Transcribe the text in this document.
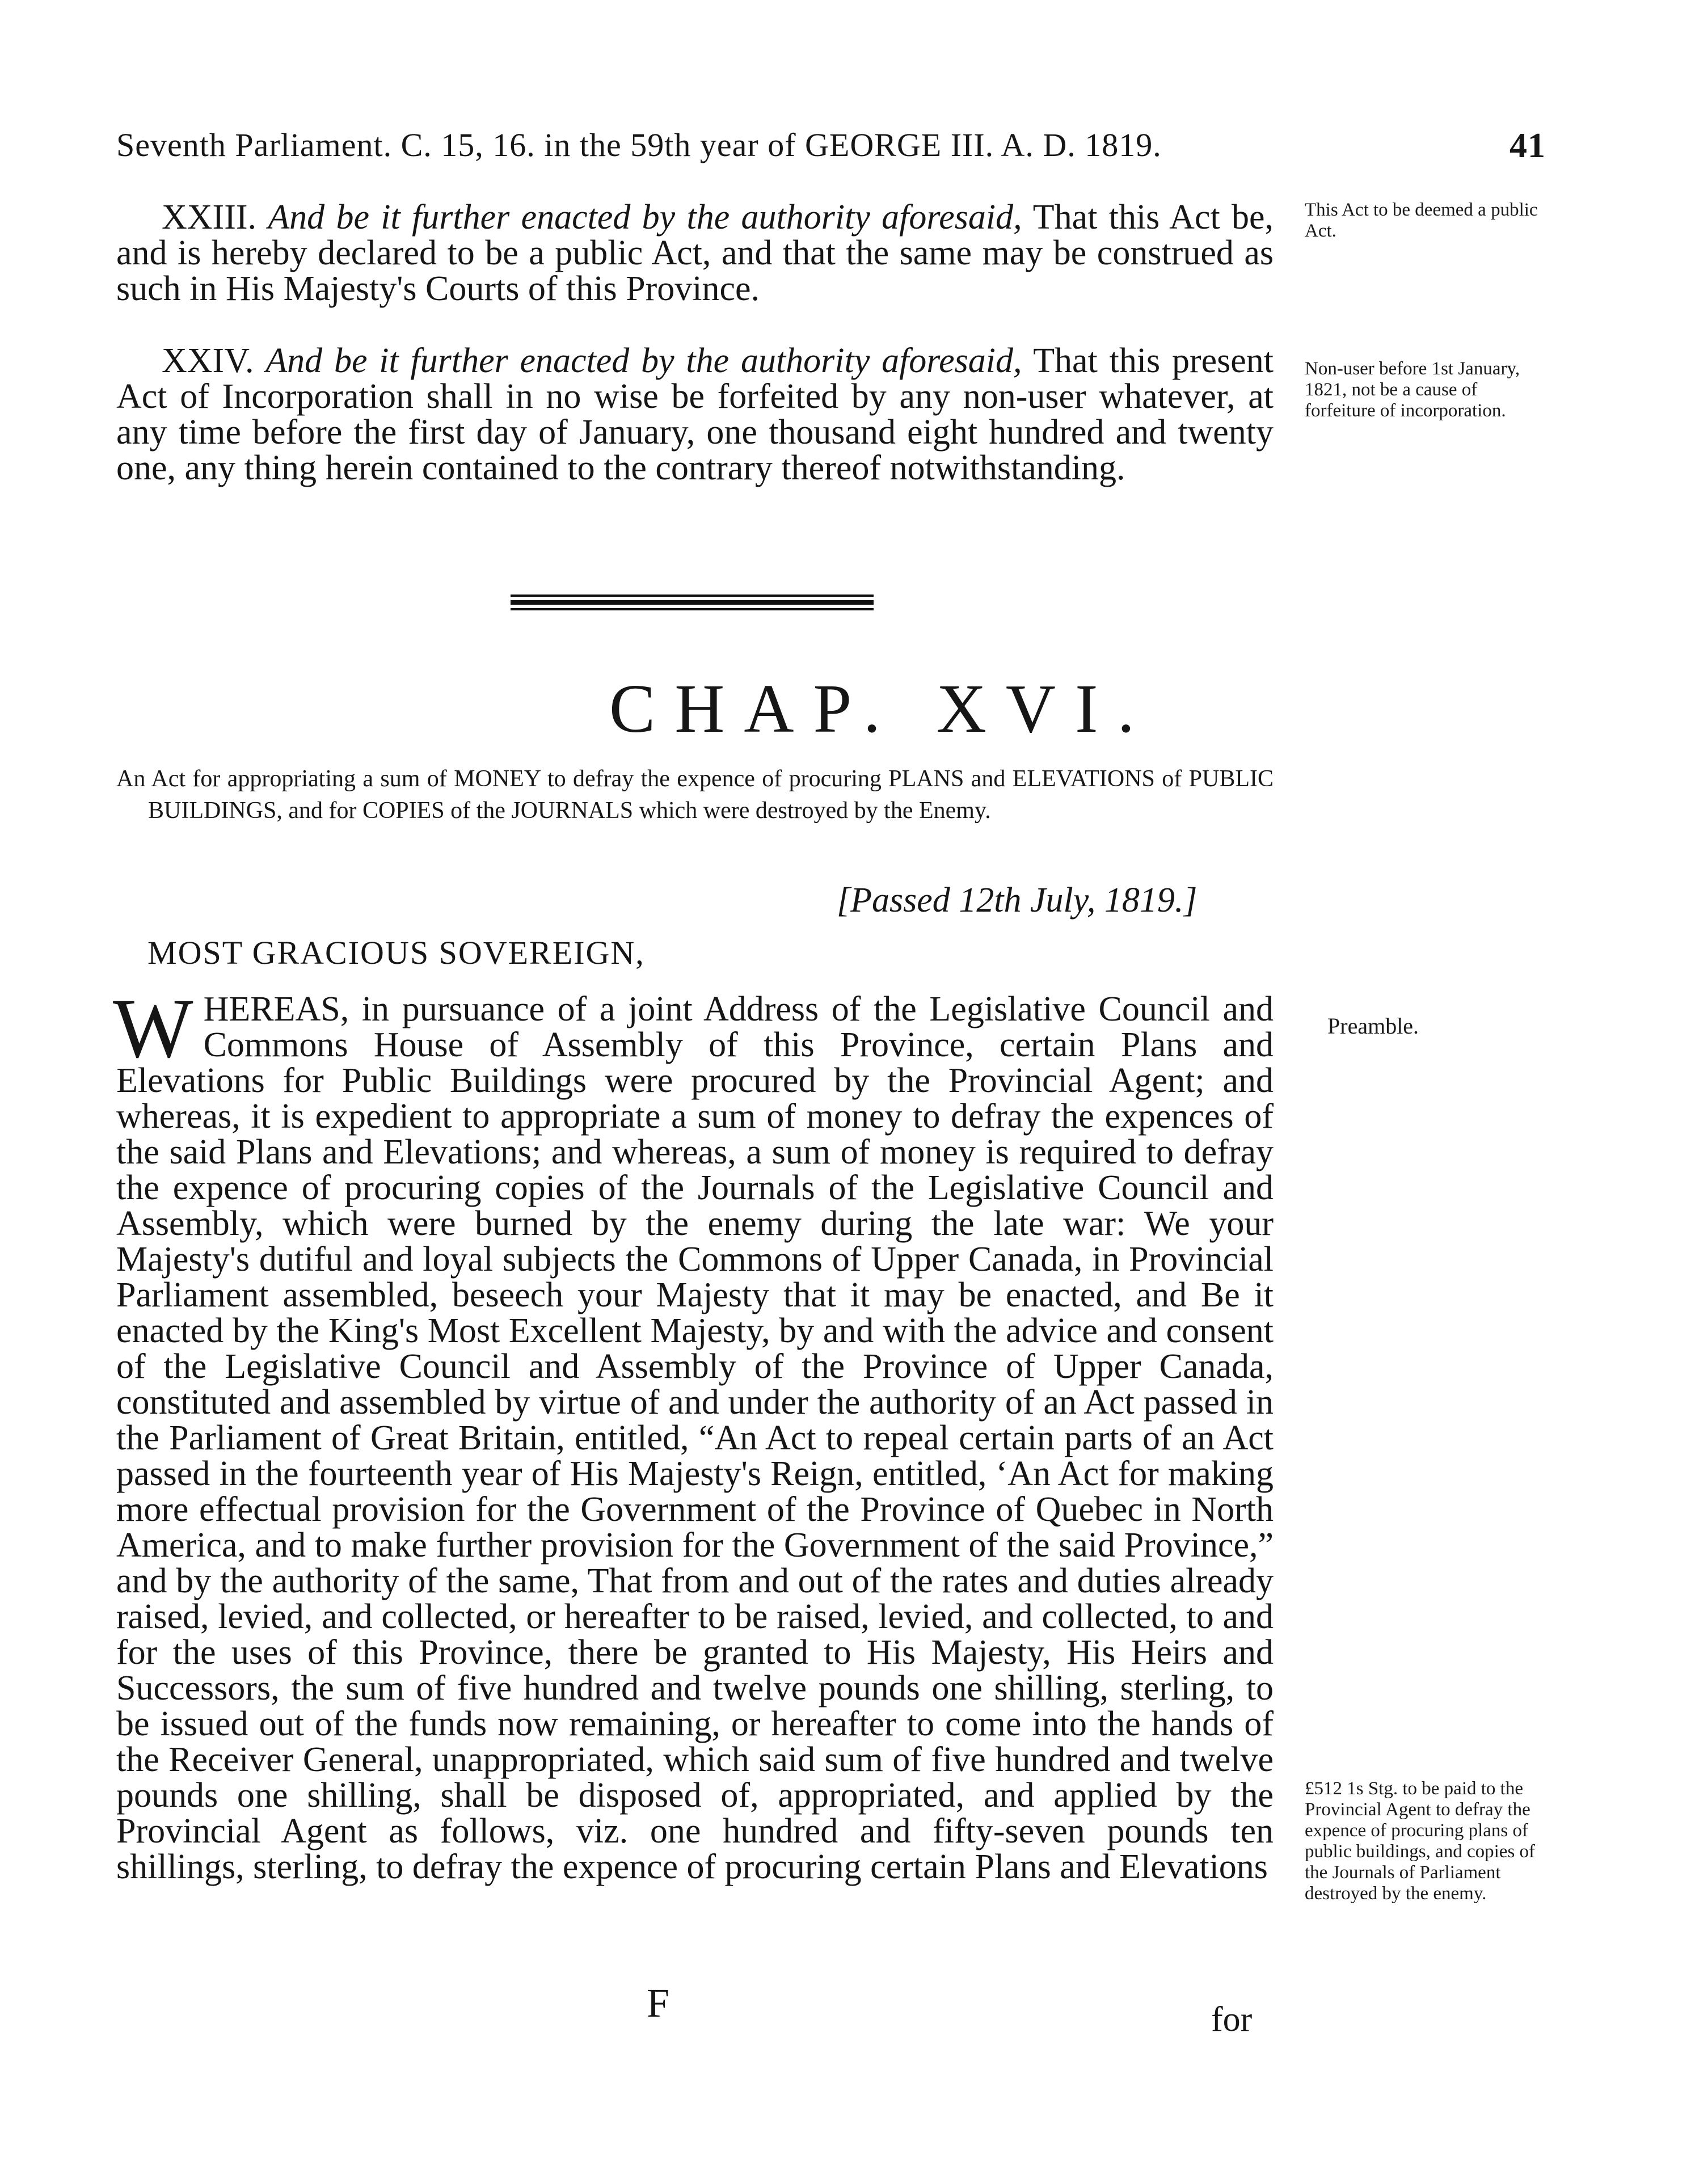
Seventh Parliament. C. 15, 16. in the 59th year of GEORGE III. A. D. 1819.	41
XXIII. And be it further enacted by the authority aforesaid, That this Act be, and is hereby declared to be a public Act, and that the same may be construed as such in His Majesty's Courts of this Province.
This Act to be deemed a public Act.
XXIV. And be it further enacted by the authority aforesaid, That this present Act of Incorporation shall in no wise be forfeited by any non-user whatever, at any time before the first day of January, one thousand eight hundred and twenty one, any thing herein contained to the contrary thereof notwithstanding.
Non-user before 1st January, 1821, not be a cause of forfeiture of incorporation.
CHAP. XVI.
An Act for appropriating a sum of MONEY to defray the expence of procuring PLANS and ELEVATIONS of PUBLIC BUILDINGS, and for COPIES of the JOURNALS which were destroyed by the Enemy.
[Passed 12th July, 1819.]
MOST GRACIOUS SOVEREIGN,
WHEREAS, in pursuance of a joint Address of the Legislative Council and Commons House of Assembly of this Province, certain Plans and Elevations for Public Buildings were procured by the Provincial Agent; and whereas, it is expedient to appropriate a sum of money to defray the expences of the said Plans and Elevations; and whereas, a sum of money is required to defray the expence of procuring copies of the Journals of the Legislative Council and Assembly, which were burned by the enemy during the late war: We your Majesty's dutiful and loyal subjects the Commons of Upper Canada, in Provincial Parliament assembled, beseech your Majesty that it may be enacted, and Be it enacted by the King's Most Excellent Majesty, by and with the advice and consent of the Legislative Council and Assembly of the Province of Upper Canada, constituted and assembled by virtue of and under the authority of an Act passed in the Parliament of Great Britain, entitled, “An Act to repeal certain parts of an Act passed in the fourteenth year of His Majesty's Reign, entitled, ‘An Act for making more effectual provision for the Government of the Province of Quebec in North America, and to make further provision for the Government of the said Province,” and by the authority of the same, That from and out of the rates and duties already raised, levied, and collected, or hereafter to be raised, levied, and collected, to and for the uses of this Province, there be granted to His Majesty, His Heirs and Successors, the sum of five hundred and twelve pounds one shilling, sterling, to be issued out of the funds now remaining, or hereafter to come into the hands of the Receiver General, unappropriated, which said sum of five hundred and twelve pounds one shilling, shall be disposed of, appropriated, and applied by the Provincial Agent as follows, viz. one hundred and fifty-seven pounds ten shillings, sterling, to defray the expence of procuring certain Plans and Elevations
Preamble.
£512 1s Stg. to be paid to the Provincial Agent to defray the expence of procuring plans of public buildings, and copies of the Journals of Parliament destroyed by the enemy.
F	for
